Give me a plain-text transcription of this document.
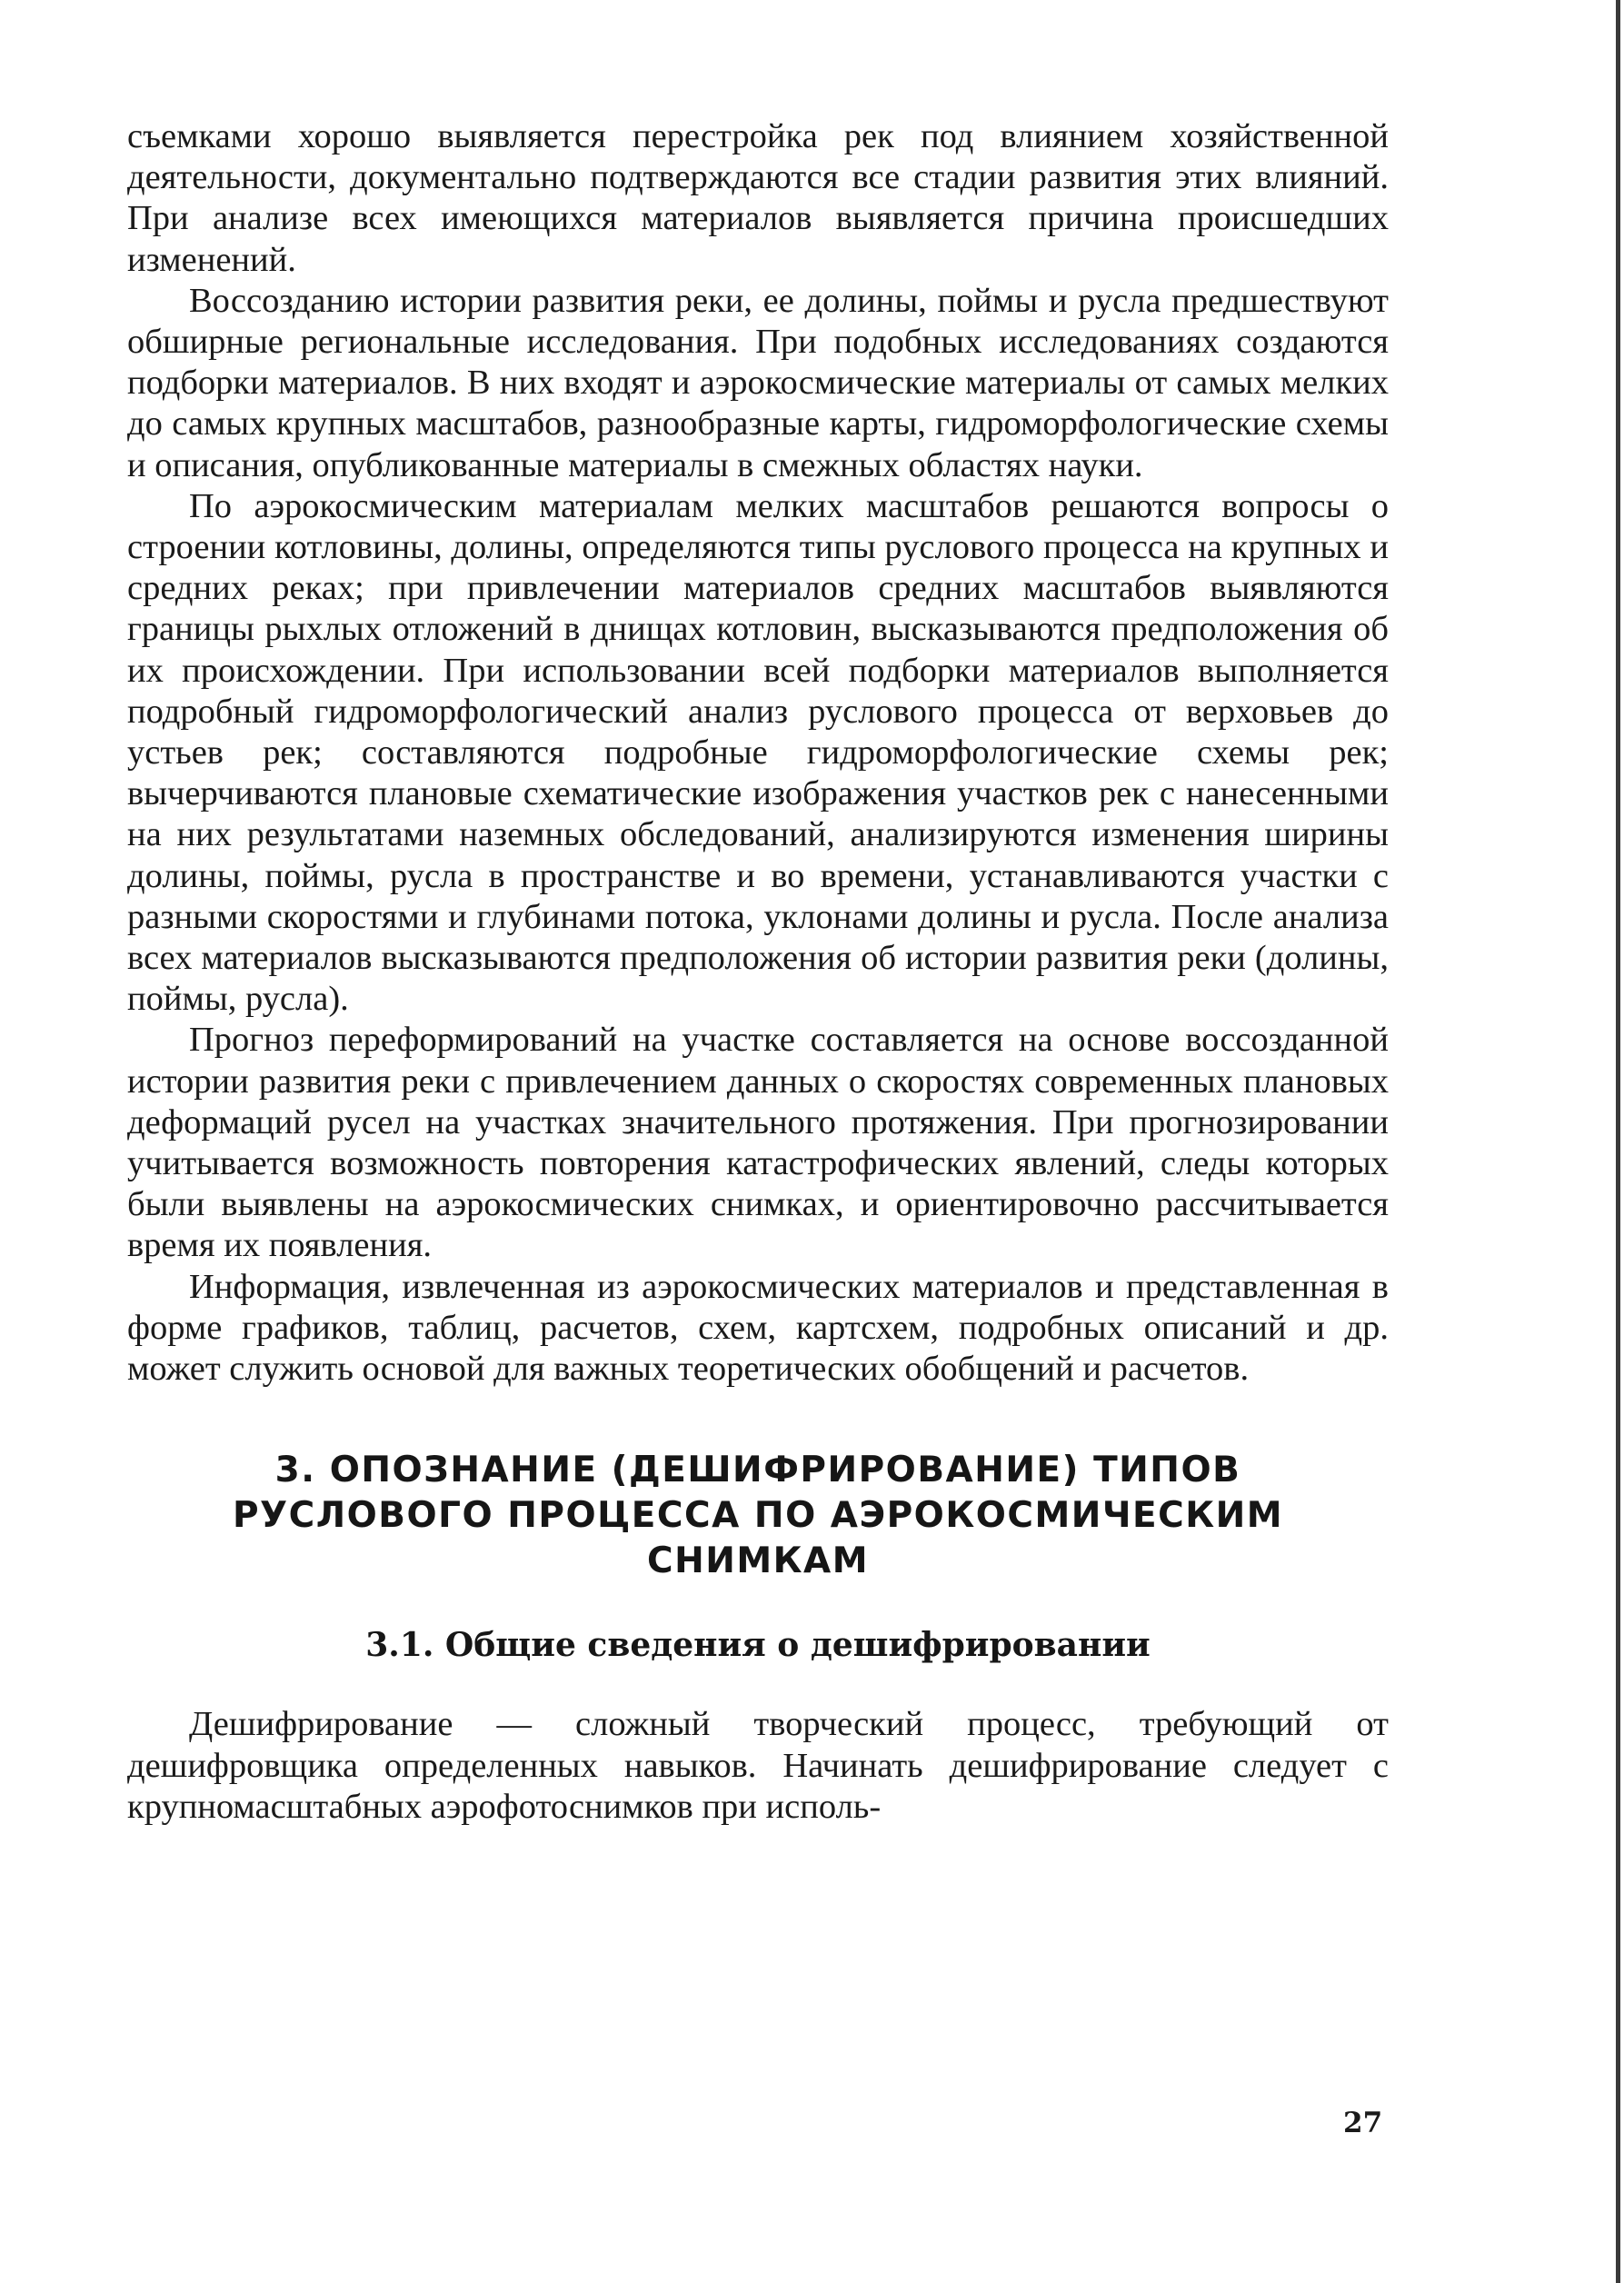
съемками хорошо выявляется перестройка рек под влиянием хозяйственной деятельности, документально подтверждаются все стадии развития этих влияний. При анализе всех имеющихся материалов выявляется причина происшедших изменений.

Воссозданию истории развития реки, ее долины, поймы и русла предшествуют обширные региональные исследования. При подобных исследованиях создаются подборки материалов. В них входят и аэрокосмические материалы от самых мелких до самых крупных масштабов, разнообразные карты, гидроморфологические схемы и описания, опубликованные материалы в смежных областях науки.

По аэрокосмическим материалам мелких масштабов решаются вопросы о строении котловины, долины, определяются типы руслового процесса на крупных и средних реках; при привлечении материалов средних масштабов выявляются границы рыхлых отложений в днищах котловин, высказываются предположения об их происхождении. При использовании всей подборки материалов выполняется подробный гидроморфологический анализ руслового процесса от верховьев до устьев рек; составляются подробные гидроморфологические схемы рек; вычерчиваются плановые схематические изображения участков рек с нанесенными на них результатами наземных обследований, анализируются изменения ширины долины, поймы, русла в пространстве и во времени, устанавливаются участки с разными скоростями и глубинами потока, уклонами долины и русла. После анализа всех материалов высказываются предположения об истории развития реки (долины, поймы, русла).

Прогноз переформирований на участке составляется на основе воссозданной истории развития реки с привлечением данных о скоростях современных плановых деформаций русел на участках значительного протяжения. При прогнозировании учитывается возможность повторения катастрофических явлений, следы которых были выявлены на аэрокосмических снимках, и ориентировочно рассчитывается время их появления.

Информация, извлеченная из аэрокосмических материалов и представленная в форме графиков, таблиц, расчетов, схем, картсхем, подробных описаний и др. может служить основой для важных теоретических обобщений и расчетов.

3. ОПОЗНАНИЕ (ДЕШИФРИРОВАНИЕ) ТИПОВ
РУСЛОВОГО ПРОЦЕССА ПО АЭРОКОСМИЧЕСКИМ
СНИМКАМ
3.1. Общие сведения о дешифрировании

Дешифрирование — сложный творческий процесс, требующий от дешифровщика определенных навыков. Начинать дешифрирование следует с крупномасштабных аэрофотоснимков при исполь-

27
